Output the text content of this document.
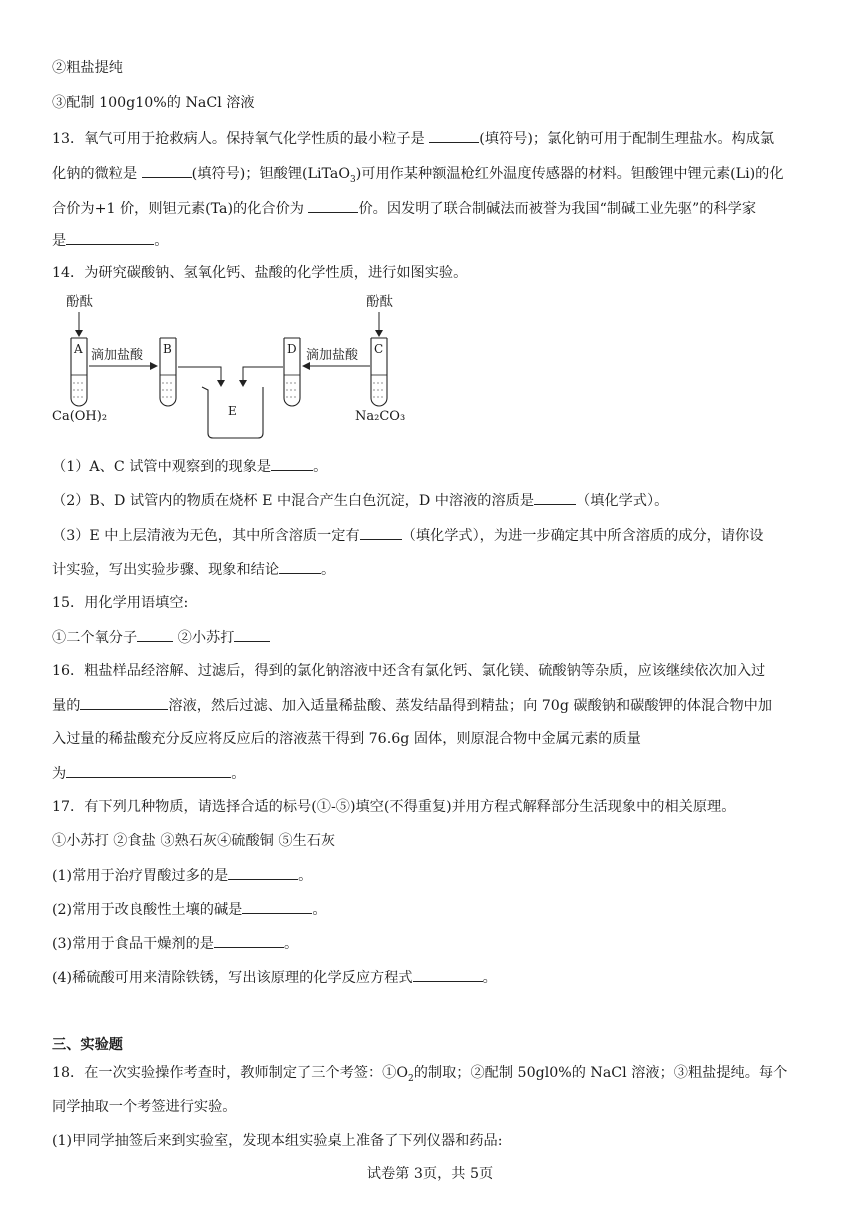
②粗盐提纯
③配制 100g10%的 NaCl 溶液
13．氧气可用于抢救病人。保持氧气化学性质的最小粒子是	(填符号)；氯化钠可用于配制生理盐水。构成氯
化钠的微粒是	(填符号)；钽酸锂(LiTaO$_3$)可用作某种额温枪红外温度传感器的材料。钽酸锂中锂元素(Li)的化
合价为+1 价，则钽元素(Ta)的化合价为	价。因发明了联合制碱法而被誉为我国“制碱工业先驱”的科学家
是	。
14．为研究碳酸钠、氢氧化钙、盐酸的化学性质，进行如图实验。
酚酞
A 滴加盐酸 B
E
D 滴加盐酸
酚酞
C
Ca(OH)₂	Na₂CO₃
（1）A、C 试管中观察到的现象是	。
（2）B、D 试管内的物质在烧杯 E 中混合产生白色沉淀，D 中溶液的溶质是	（填化学式）。
（3）E 中上层清液为无色，其中所含溶质一定有	（填化学式），为进一步确定其中所含溶质的成分，请你设
计实验，写出实验步骤、现象和结论	。
15．用化学用语填空:
①二个氧分子	②小苏打
16．粗盐样品经溶解、过滤后，得到的氯化钠溶液中还含有氯化钙、氯化镁、硫酸钠等杂质，应该继续依次加入过
量的	溶液，然后过滤、加入适量稀盐酸、蒸发结晶得到精盐；向 70g 碳酸钠和碳酸钾的体混合物中加
入过量的稀盐酸充分反应将反应后的溶液蒸干得到 76.6g 固体，则原混合物中金属元素的质量
为	。
17．有下列几种物质，请选择合适的标号(①-⑤)填空(不得重复)并用方程式解释部分生活现象中的相关原理。
①小苏打 ②食盐 ③熟石灰④硫酸铜 ⑤生石灰
(1)常用于治疗胃酸过多的是	。
(2)常用于改良酸性土壤的碱是	。
(3)常用于食品干燥剂的是	。
(4)稀硫酸可用来清除铁锈，写出该原理的化学反应方程式	。
三、实验题
18．在一次实验操作考查时，教师制定了三个考签：$①O_2$的制取；②配制 50gl0%的 NaCl 溶液；③粗盐提纯。每个
同学抽取一个考签进行实验。
(1)甲同学抽签后来到实验室，发现本组实验桌上准备了下列仪器和药品:
试卷第 3页，共 5页
